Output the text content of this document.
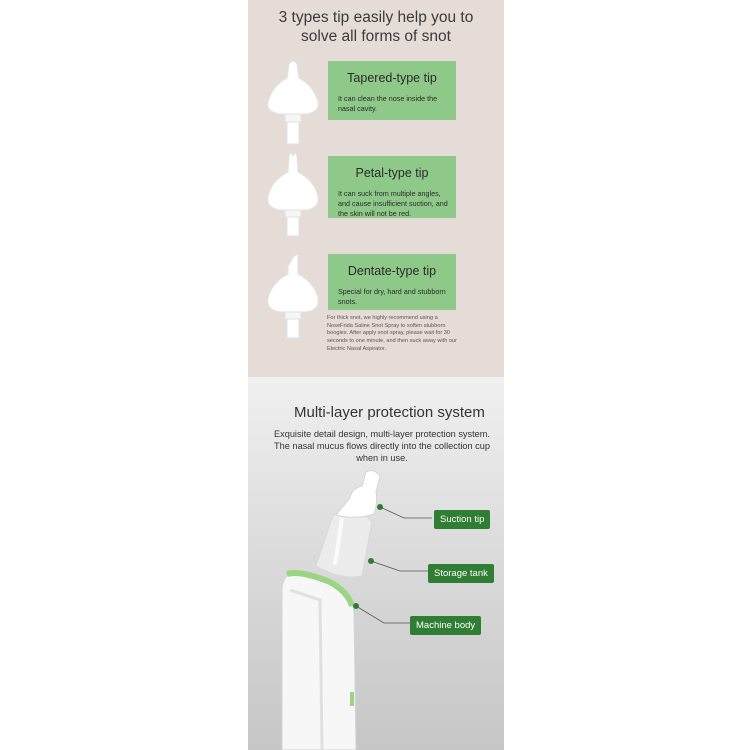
3 types tip easily help you to
solve all forms of snot
Tapered-type tip
It can clean the nose inside the nasal cavity.
Petal-type tip
It can suck from multiple angles, and cause insufficient suction, and the skin will not be red.
Dentate-type tip
Special for dry, hard and stubborn snots.
For thick snot, we highly recommend using a NoseFrida Saline Snot Spray to soften stubborn boogies. After apply snot spray, please wait for 30 seconds to one minute, and then suck away with our Electric Nasal Aspirator.
Multi-layer protection system
Exquisite detail design, multi-layer protection system.
The nasal mucus flows directly into the collection cup
when in use.
Suction tip
Storage tank
Machine body
